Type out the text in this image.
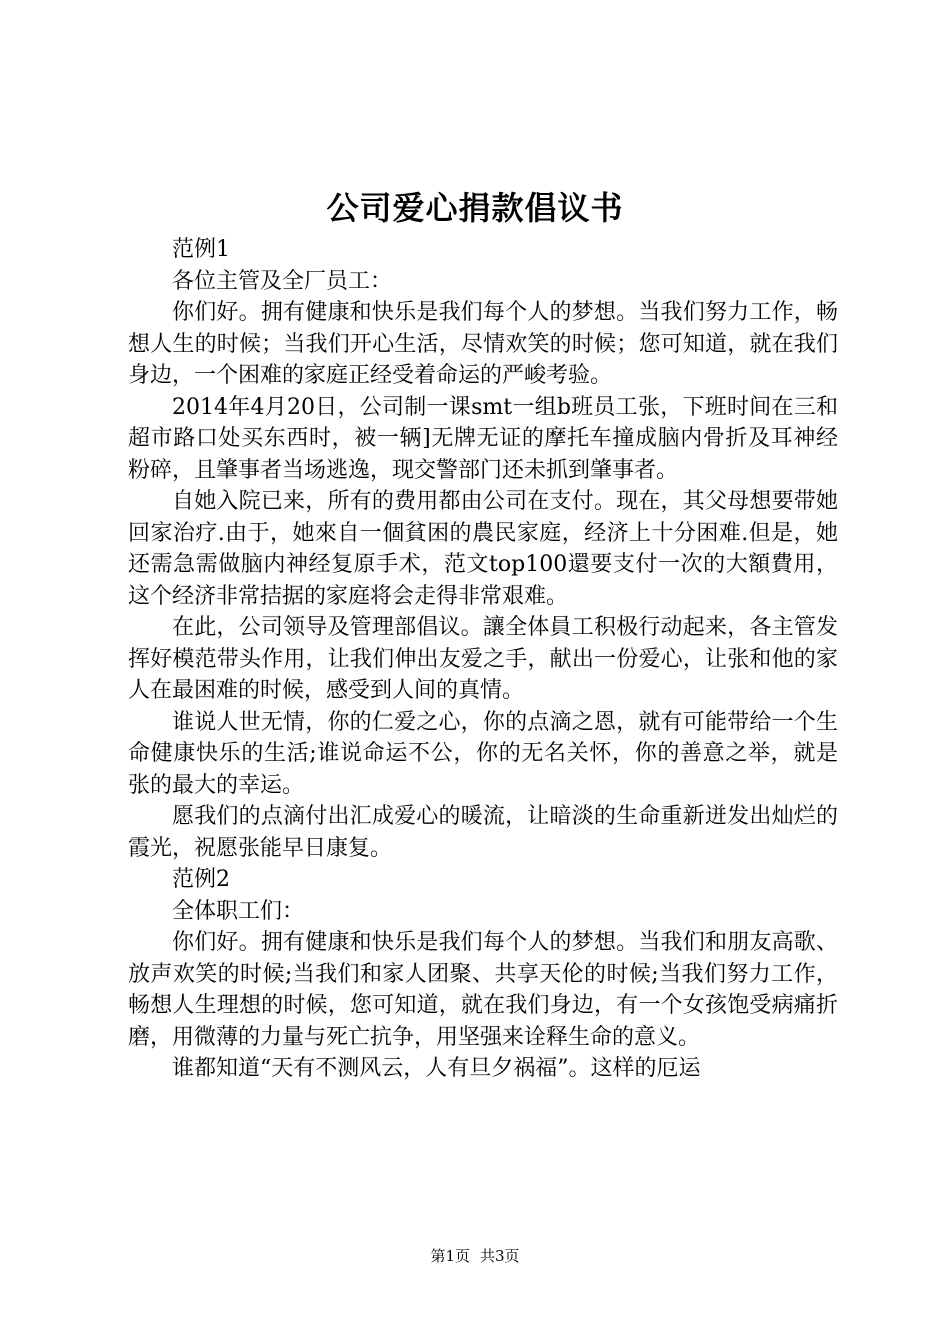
公司爱心捐款倡议书

范例1

各位主管及全厂员工：

你们好。拥有健康和快乐是我们每个人的梦想。当我们努力工作，畅想人生的时候；当我们开心生活，尽情欢笑的时候；您可知道，就在我们身边，一个困难的家庭正经受着命运的严峻考验。

2014年4月20日，公司制一课smt一组b班员工张，下班时间在三和超市路口处买东西时，被一辆]无牌无证的摩托车撞成脑内骨折及耳神经粉碎，且肇事者当场逃逸，现交警部门还未抓到肇事者。

自她入院已来，所有的费用都由公司在支付。现在，其父母想要带她回家治疗.由于，她來自一個貧困的農民家庭，经济上十分困难.但是，她还需急需做脑内神经复原手术，范文top100還要支付一次的大額費用，这个经济非常拮据的家庭将会走得非常艰难。

在此，公司领导及管理部倡议。讓全体員工积极行动起来，各主管发挥好模范带头作用，让我们伸出友爱之手，献出一份爱心，让张和他的家人在最困难的时候，感受到人间的真情。

谁说人世无情，你的仁爱之心，你的点滴之恩，就有可能带给一个生命健康快乐的生活;谁说命运不公，你的无名关怀，你的善意之举，就是张的最大的幸运。

愿我们的点滴付出汇成爱心的暖流，让暗淡的生命重新迸发出灿烂的霞光，祝愿张能早日康复。

范例2

全体职工们：

你们好。拥有健康和快乐是我们每个人的梦想。当我们和朋友高歌、放声欢笑的时候;当我们和家人团聚、共享天伦的时候;当我们努力工作，畅想人生理想的时候，您可知道，就在我们身边，有一个女孩饱受病痛折磨，用微薄的力量与死亡抗争，用坚强来诠释生命的意义。

谁都知道“天有不测风云，人有旦夕祸福”。这样的厄运

第1页 共3页
